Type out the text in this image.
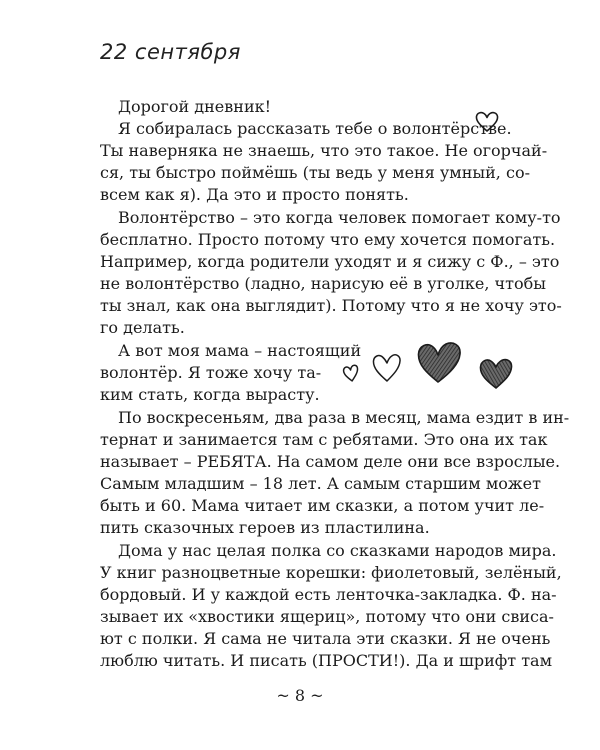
22 сентября
Дорогой дневник!
Я собиралась рассказать тебе о волонтёрстве.
Ты наверняка не знаешь, что это такое. Не огорчай-
ся, ты быстро поймёшь (ты ведь у меня умный, со-
всем как я). Да это и просто понять.
Волонтёрство – это когда человек помогает кому-то
бесплатно. Просто потому что ему хочется помогать.
Например, когда родители уходят и я сижу с Ф., – это
не волонтёрство (ладно, нарисую её в уголке, чтобы
ты знал, как она выглядит). Потому что я не хочу это-
го делать.
А вот моя мама – настоящий
волонтёр. Я тоже хочу та-
ким стать, когда вырасту.
По воскресеньям, два раза в месяц, мама ездит в ин-
тернат и занимается там с ребятами. Это она их так
называет – РЕБЯТА. На самом деле они все взрослые.
Самым младшим – 18 лет. А самым старшим может
быть и 60. Мама читает им сказки, а потом учит ле-
пить сказочных героев из пластилина.
Дома у нас целая полка со сказками народов мира.
У книг разноцветные корешки: фиолетовый, зелёный,
бордовый. И у каждой есть ленточка-закладка. Ф. на-
зывает их «хвостики ящериц», потому что они свиса-
ют с полки. Я сама не читала эти сказки. Я не очень
люблю читать. И писать (ПРОСТИ!). Да и шрифт там
~ 8 ~
